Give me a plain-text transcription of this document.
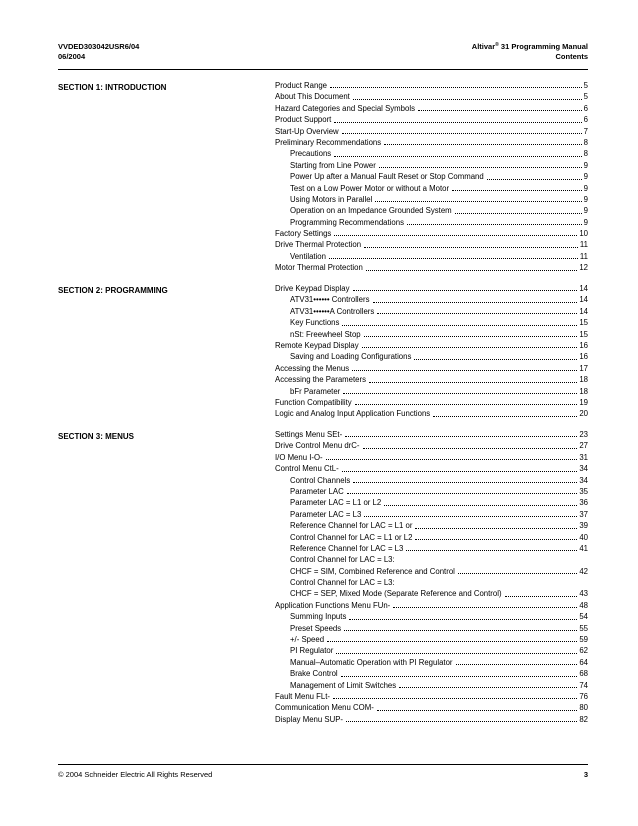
VVDED303042USR6/04
06/2004
Altivar® 31 Programming Manual
Contents
SECTION 1: INTRODUCTION	Product Range	5
About This Document	5
Hazard Categories and Special Symbols	6
Product Support	6
Start-Up Overview	7
Preliminary Recommendations	8
Precautions	8
Starting from Line Power	9
Power Up after a Manual Fault Reset or Stop Command	9
Test on a Low Power Motor or without a Motor	9
Using Motors in Parallel	9
Operation on an Impedance Grounded System	9
Programming Recommendations	9
Factory Settings	10
Drive Thermal Protection	11
Ventilation	11
Motor Thermal Protection	12
SECTION 2: PROGRAMMING	Drive Keypad Display	14
ATV31•••••• Controllers	14
ATV31••••••A Controllers	14
Key Functions	15
nSt: Freewheel Stop	15
Remote Keypad Display	16
Saving and Loading Configurations	16
Accessing the Menus	17
Accessing the Parameters	18
bFr Parameter	18
Function Compatibility	19
Logic and Analog Input Application Functions	20
SECTION 3: MENUS	Settings Menu SEt-	23
Drive Control Menu drC-	27
I/O Menu I-O-	31
Control Menu CtL-	34
Control Channels	34
Parameter LAC	35
Parameter LAC = L1 or L2	36
Parameter LAC = L3	37
Reference Channel for LAC = L1 or	39
Control Channel for LAC = L1 or L2	40
Reference Channel for LAC = L3	41
Control Channel for LAC = L3:
CHCF = SIM, Combined Reference and Control	42
Control Channel for LAC = L3:
CHCF = SEP, Mixed Mode (Separate Reference and Control)	43
Application Functions Menu FUn-	48
Summing Inputs	54
Preset Speeds	55
+/- Speed	59
PI Regulator	62
Manual–Automatic Operation with PI Regulator	64
Brake Control	68
Management of Limit Switches	74
Fault Menu FLt-	76
Communication Menu COM-	80
Display Menu SUP-	82
© 2004 Schneider Electric All Rights Reserved	3
